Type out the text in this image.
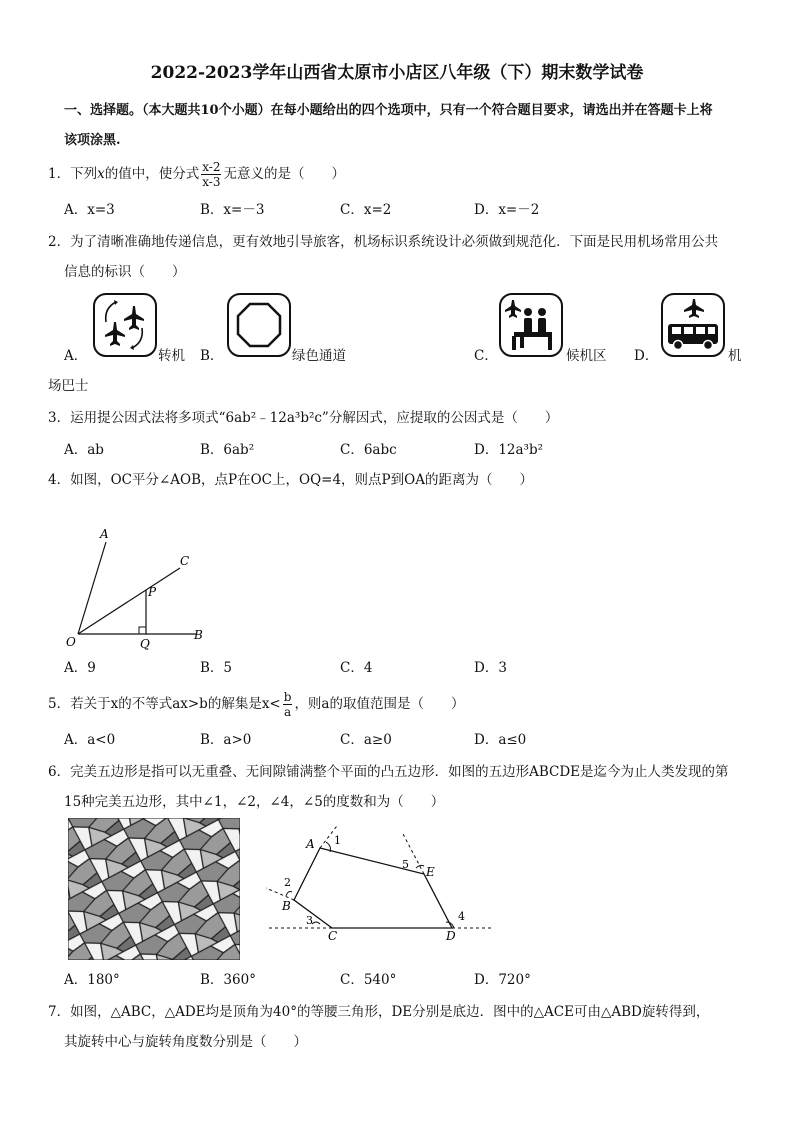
2022-2023学年山西省太原市小店区八年级（下）期末数学试卷
一、选择题。（本大题共10个小题）在每小题给出的四个选项中，只有一个符合题目要求，请选出并在答题卡上将
该项涂黑.
1．下列x的值中，使分式 $\frac{x-2}{x-3}$ 无意义的是（　　）
A．x=3	B．x=－3	C．x=2	D．x=－2
2．为了清晰准确地传递信息，更有效地引导旅客，机场标识系统设计必须做到规范化．下面是民用机场常用公共
信息的标识（　　）
A．	转机 B．	绿色通道	C．	候机区 D．	机
场巴士
3．运用提公因式法将多项式“6ab²﹣12a³b²c”分解因式，应提取的公因式是（　　）
A．ab	B．6ab²	C．6abc	D．12a³b²
4．如图，OC平分∠AOB，点P在OC上，OQ=4，则点P到OA的距离为（　　）
A
C
P
O	Q
B
A．9	B．5	C．4	D．3
5．若关于x的不等式ax>b的解集是$x< \frac{b}{a}$ ，则a的取值范围是（　　）
A．a<0	B．a>0	C．a≥0	D．a≤0
6．完美五边形是指可以无重叠、无间隙铺满整个平面的凸五边形．如图的五边形ABCDE是迄今为止人类发现的第
15种完美五边形，其中∠1，∠2，∠4，∠5的度数和为（　　）
A 1
B
2
3
C	D
4
E
5
A．180°	B．360°	C．540°	D．720°
7．如图，△ABC，△ADE均是顶角为40°的等腰三角形，DE分别是底边．图中的△ACE可由△ABD旋转得到，
其旋转中心与旋转角度数分别是（　　）
